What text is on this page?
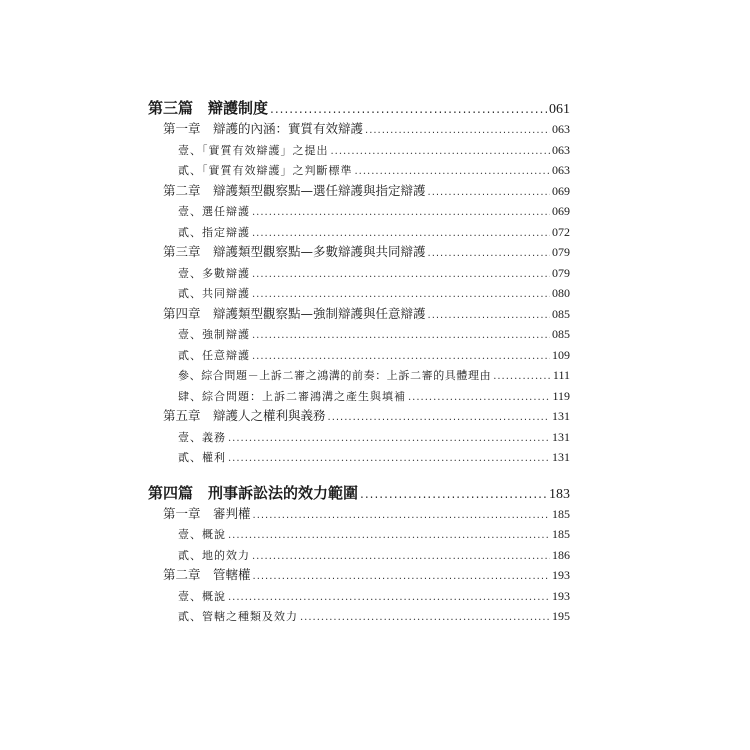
第三篇　辯護制度 .....	061
第一章　辯護的內涵：實質有效辯護 .....	063
壹、「實質有效辯護」之提出 .....	063
貳、「實質有效辯護」之判斷標準 .....	063
第二章　辯護類型觀察點—選任辯護與指定辯護 .....	069
壹、選任辯護 .....	069
貳、指定辯護 .....	072
第三章　辯護類型觀察點—多數辯護與共同辯護 .....	079
壹、多數辯護 .....	079
貳、共同辯護 .....	080
第四章　辯護類型觀察點—強制辯護與任意辯護 .....	085
壹、強制辯護 .....	085
貳、任意辯護 .....	109
參、綜合問題－上訴二審之鴻溝的前奏：上訴二審的具體理由 .....	111
肆、綜合問題：上訴二審鴻溝之產生與填補 .....	119
第五章　辯護人之權利與義務 .....	131
壹、義務 .....	131
貳、權利 .....	131
第四篇　刑事訴訟法的效力範圍 .....	183
第一章　審判權 .....	185
壹、概說 .....	185
貳、地的效力 .....	186
第二章　管轄權 .....	193
壹、概說 .....	193
貳、管轄之種類及效力 .....	195
